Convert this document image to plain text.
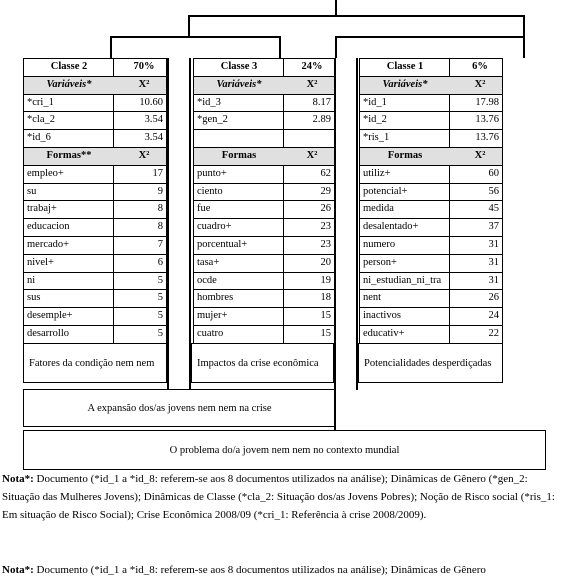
Classe 2	70%
Variáveis*	X²
*cri_1	10.60
*cla_2	3.54
*id_6	3.54
Formas**	X²
empleo+	17
su	9
trabaj+	8
educacion	8
mercado+	7
nivel+	6
ni	5
sus	5
desemple+	5
desarrollo	5
Fatores da condição nem nem
Classe 3	24%
Variáveis*	X²
*id_3	8.17
*gen_2	2.89
Formas	X²
punto+	62
ciento	29
fue	26
cuadro+	23
porcentual+	23
tasa+	20
ocde	19
hombres	18
mujer+	15
cuatro	15
Impactos da crise econômica
Classe 1	6%
Variáveis*	X²
*id_1	17.98
*id_2	13.76
*ris_1	13.76
Formas	X²
utiliz+	60
potencial+	56
medida	45
desalentado+	37
numero	31
person+	31
ni_estudian_ni_tra	31
nent	26
inactivos	24
educativ+	22
Potencialidades desperdiçadas
A expansão dos/as jovens nem nem na crise
O problema do/a jovem nem nem no contexto mundial
Nota*: Documento (*id_1 a *id_8: referem-se aos 8 documentos utilizados na análise); Dinâmicas de Gênero (*gen_2: Situação das Mulheres Jovens); Dinâmicas de Classe (*cla_2: Situação dos/as Jovens Pobres); Noção de Risco social (*ris_1: Em situação de Risco Social); Crise Econômica 2008/09 (*cri_1: Referência à crise 2008/2009).
Nota*: Documento (*id_1 a *id_8: referem-se aos 8 documentos utilizados na análise); Dinâmicas de Gênero
